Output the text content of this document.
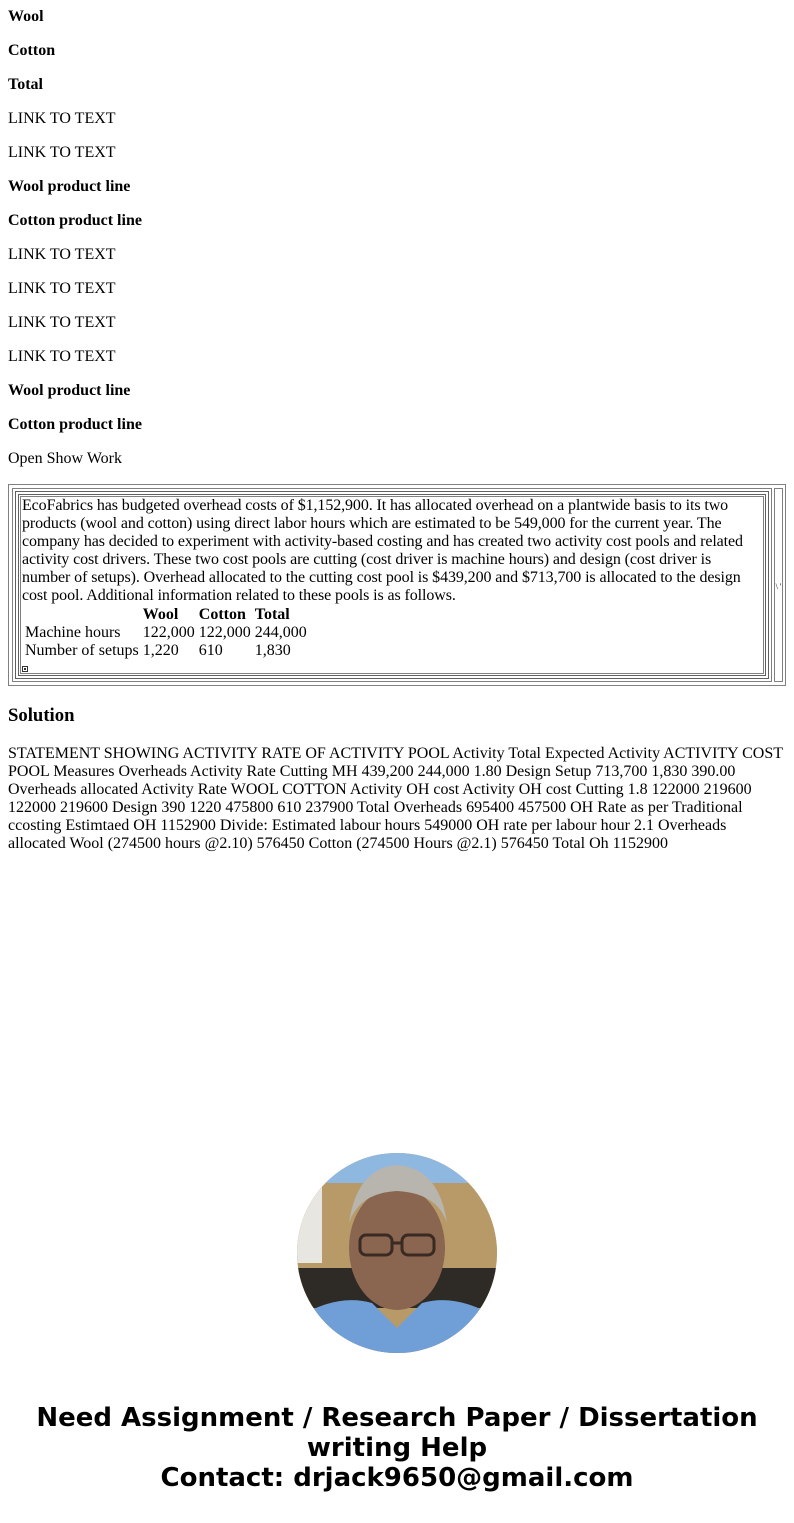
Wool

Cotton

Total

LINK TO TEXT

LINK TO TEXT

Wool product line

Cotton product line

LINK TO TEXT

LINK TO TEXT

LINK TO TEXT

LINK TO TEXT

Wool product line

Cotton product line

Open Show Work

EcoFabrics has budgeted overhead costs of $1,152,900. It has allocated overhead on a plantwide basis to its two products (wool and cotton) using direct labor hours which are estimated to be 549,000 for the current year. The company has decided to experiment with activity-based costing and has created two activity cost pools and related activity cost drivers. These two cost pools are cutting (cost driver is machine hours) and design (cost driver is number of setups). Overhead allocated to the cutting cost pool is $439,200 and $713,700 is allocated to the design cost pool. Additional information related to these pools is as follows.

	Wool	Cotton	Total
Machine hours	122,000	122,000	244,000
Number of setups	1,220	610	1,830
\ '
Solution

STATEMENT SHOWING ACTIVITY RATE OF ACTIVITY POOL Activity Total Expected Activity ACTIVITY COST POOL Measures Overheads Activity Rate Cutting MH 439,200 244,000 1.80 Design Setup 713,700 1,830 390.00 Overheads allocated Activity Rate WOOL COTTON Activity OH cost Activity OH cost Cutting 1.8 122000 219600 122000 219600 Design 390 1220 475800 610 237900 Total Overheads 695400 457500 OH Rate as per Traditional ccosting Estimtaed OH 1152900 Divide: Estimated labour hours 549000 OH rate per labour hour 2.1 Overheads allocated Wool (274500 hours @2.10) 576450 Cotton (274500 Hours @2.1) 576450 Total Oh 1152900

Need Assignment / Research Paper / Dissertation
writing Help
Contact: drjack9650@gmail.com
